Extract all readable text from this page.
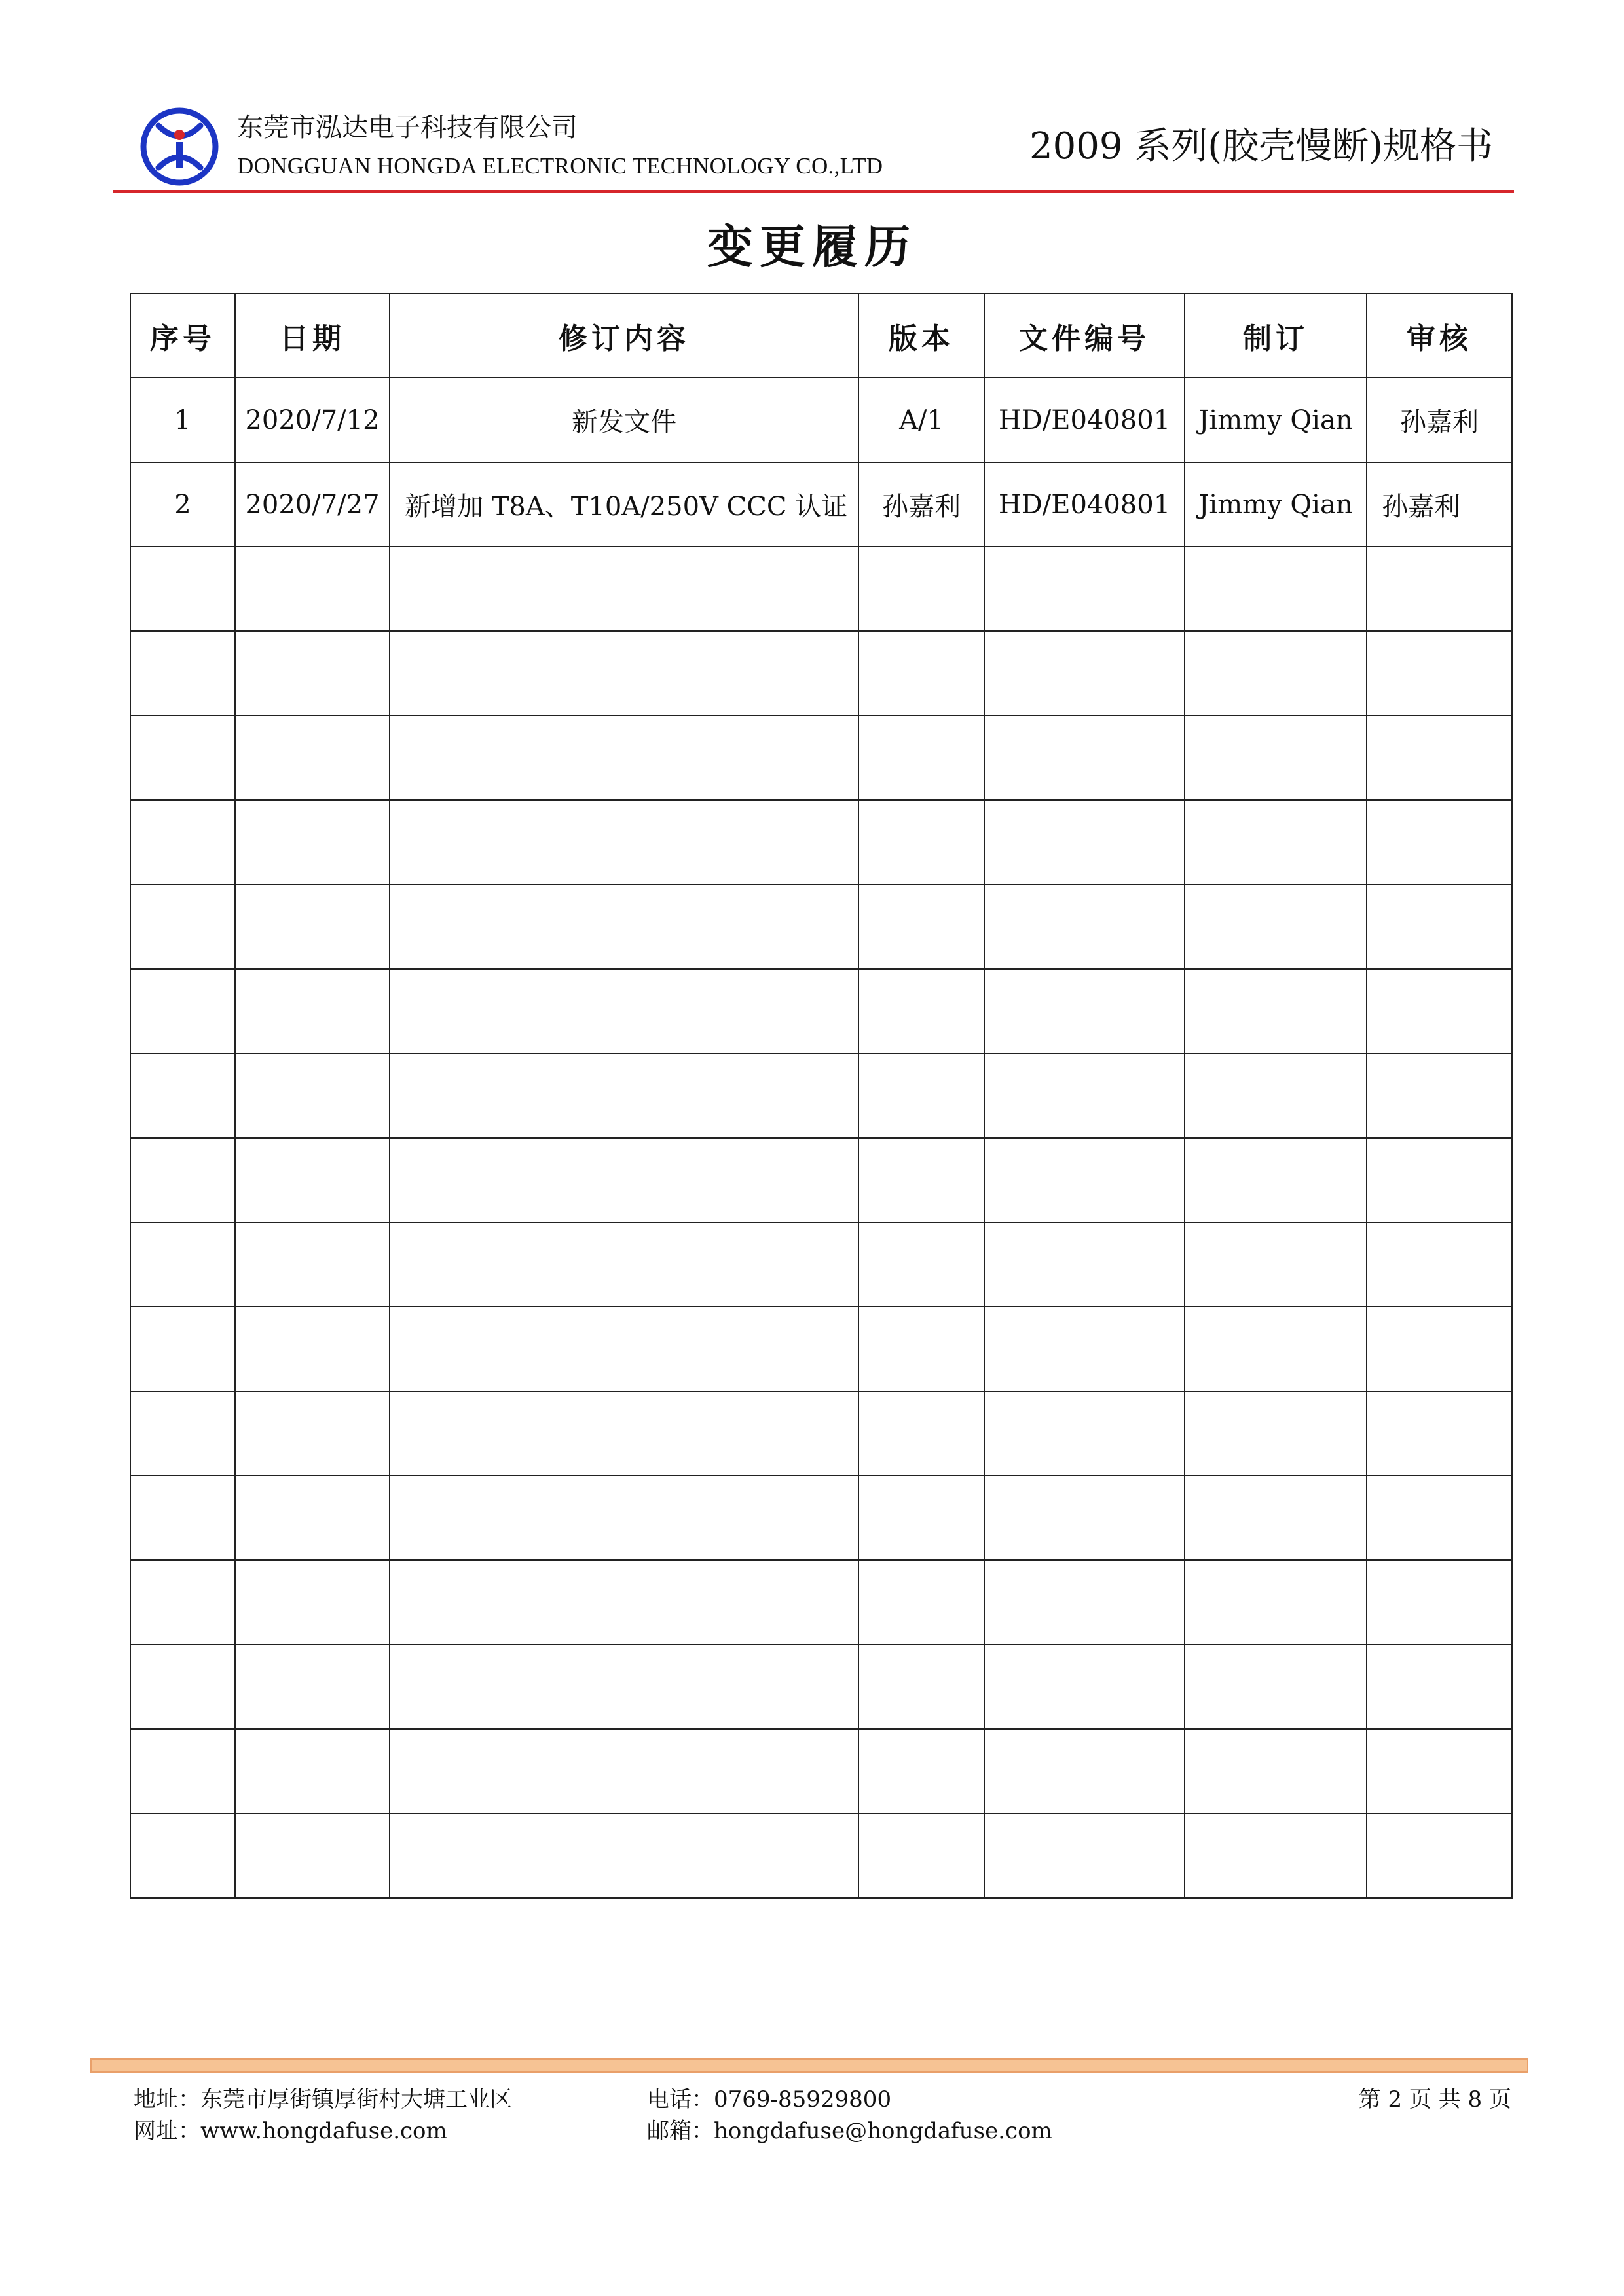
东莞市泓达电子科技有限公司
DONGGUAN HONGDA ELECTRONIC TECHNOLOGY CO.,LTD	2009 系列(胶壳慢断)规格书
变更履历
序号	日期	修订内容	版本	文件编号	制订	审核
1	2020/7/12	新发文件	A/1	HD/E040801	Jimmy Qian	孙嘉利
2	2020/7/27	新增加 T8A、T10A/250V CCC 认证	孙嘉利	HD/E040801	Jimmy Qian	孙嘉利

地址：东莞市厚街镇厚街村大塘工业区	电话：0769-85929800	第 2 页 共 8 页
网址：www.hongdafuse.com	邮箱：hongdafuse@hongdafuse.com
